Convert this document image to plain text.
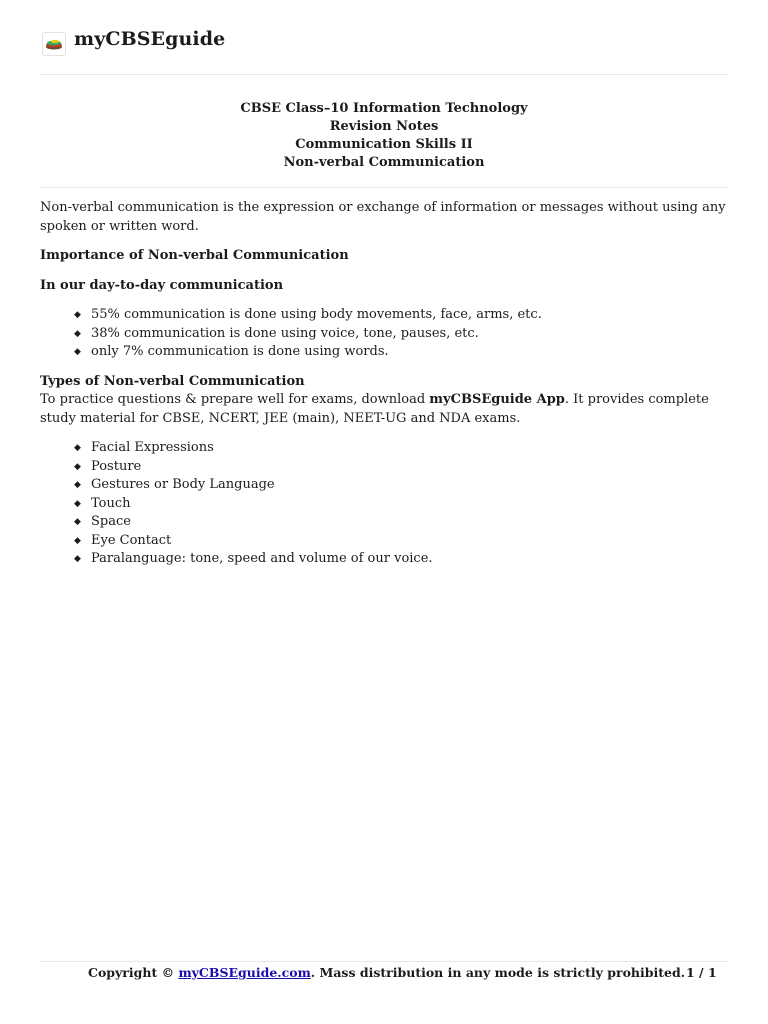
myCBSEguide
CBSE Class–10 Information Technology
Revision Notes
Communication Skills II
Non-verbal Communication

Non-verbal communication is the expression or exchange of information or messages without using any spoken or written word.

Importance of Non-verbal Communication

In our day-to-day communication

◆ 55% communication is done using body movements, face, arms, etc.
◆ 38% communication is done using voice, tone, pauses, etc.
◆ only 7% communication is done using words.

Types of Non-verbal Communication

To practice questions & prepare well for exams, download myCBSEguide App. It provides complete study material for CBSE, NCERT, JEE (main), NEET-UG and NDA exams.

◆ Facial Expressions
◆ Posture
◆ Gestures or Body Language
◆ Touch
◆ Space
◆ Eye Contact
◆ Paralanguage: tone, speed and volume of our voice.
Copyright © myCBSEguide.com. Mass distribution in any mode is strictly prohibited. 1 / 1
